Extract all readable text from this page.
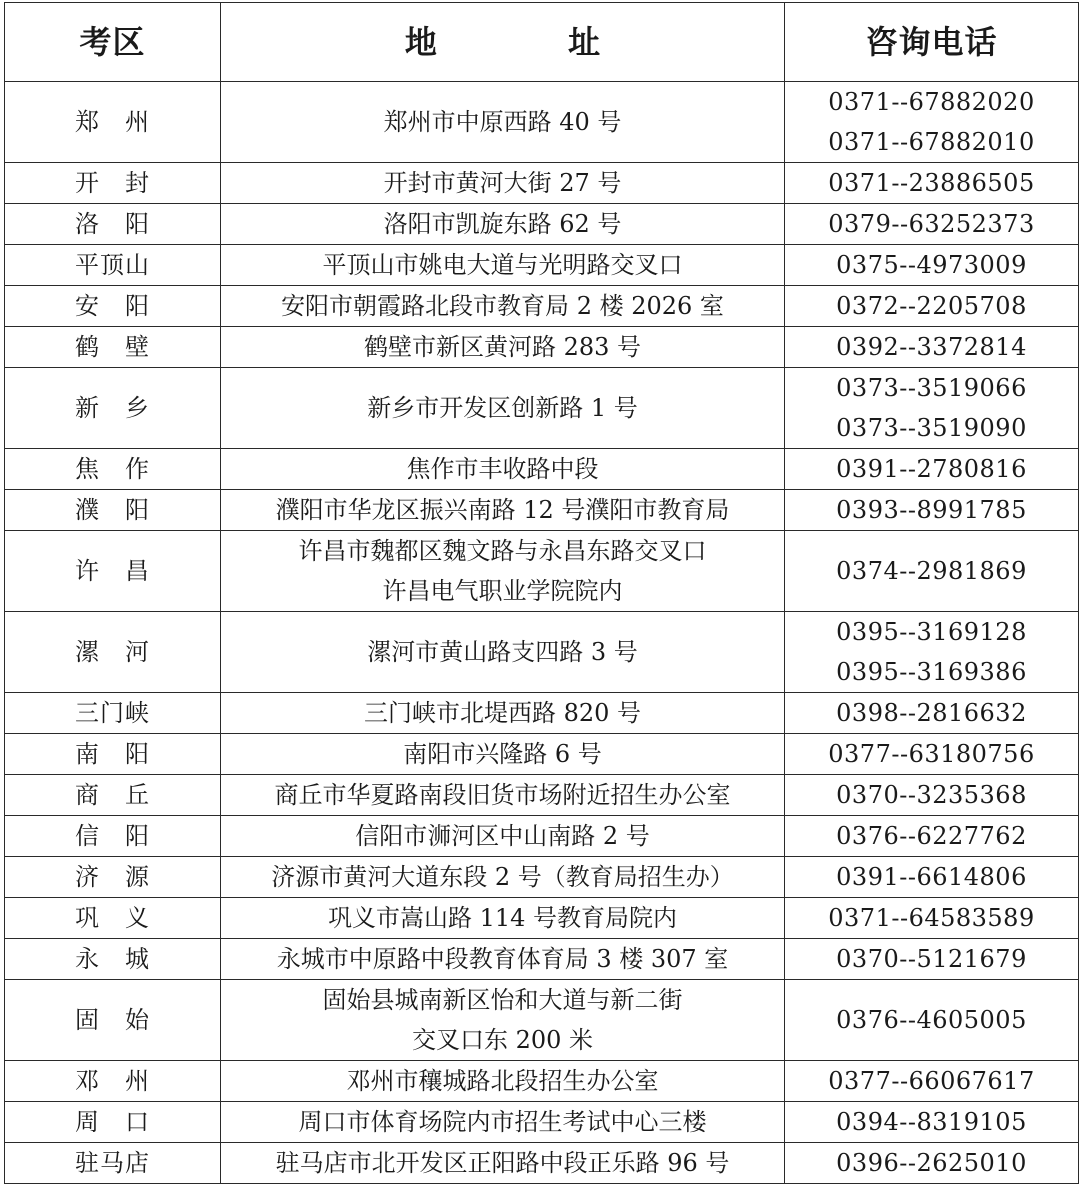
考区	地 址	咨询电话
郑　州	郑州市中原西路 40 号	0371--67882020
0371--67882010

开　封	开封市黄河大街 27 号	0371--23886505

洛　阳	洛阳市凯旋东路 62 号	0379--63252373

平顶山	平顶山市姚电大道与光明路交叉口	0375--4973009

安　阳	安阳市朝霞路北段市教育局 2 楼 2026 室	0372--2205708

鹤　壁	鹤壁市新区黄河路 283 号	0392--3372814

新　乡	新乡市开发区创新路 1 号	0373--3519066
0373--3519090

焦　作	焦作市丰收路中段	0391--2780816

濮　阳	濮阳市华龙区振兴南路 12 号濮阳市教育局	0393--8991785

许　昌	许昌市魏都区魏文路与永昌东路交叉口
许昌电气职业学院院内	0374--2981869

漯　河	漯河市黄山路支四路 3 号	0395--3169128
0395--3169386

三门峡	三门峡市北堤西路 820 号	0398--2816632

南　阳	南阳市兴隆路 6 号	0377--63180756

商　丘	商丘市华夏路南段旧货市场附近招生办公室	0370--3235368

信　阳	信阳市浉河区中山南路 2 号	0376--6227762

济　源	济源市黄河大道东段 2 号（教育局招生办）	0391--6614806

巩　义	巩义市嵩山路 114 号教育局院内	0371--64583589

永　城	永城市中原路中段教育体育局 3 楼 307 室	0370--5121679

固　始	固始县城南新区怡和大道与新二街
交叉口东 200 米	0376--4605005

邓　州	邓州市穰城路北段招生办公室	0377--66067617

周　口	周口市体育场院内市招生考试中心三楼	0394--8319105

驻马店	驻马店市北开发区正阳路中段正乐路 96 号	0396--2625010
